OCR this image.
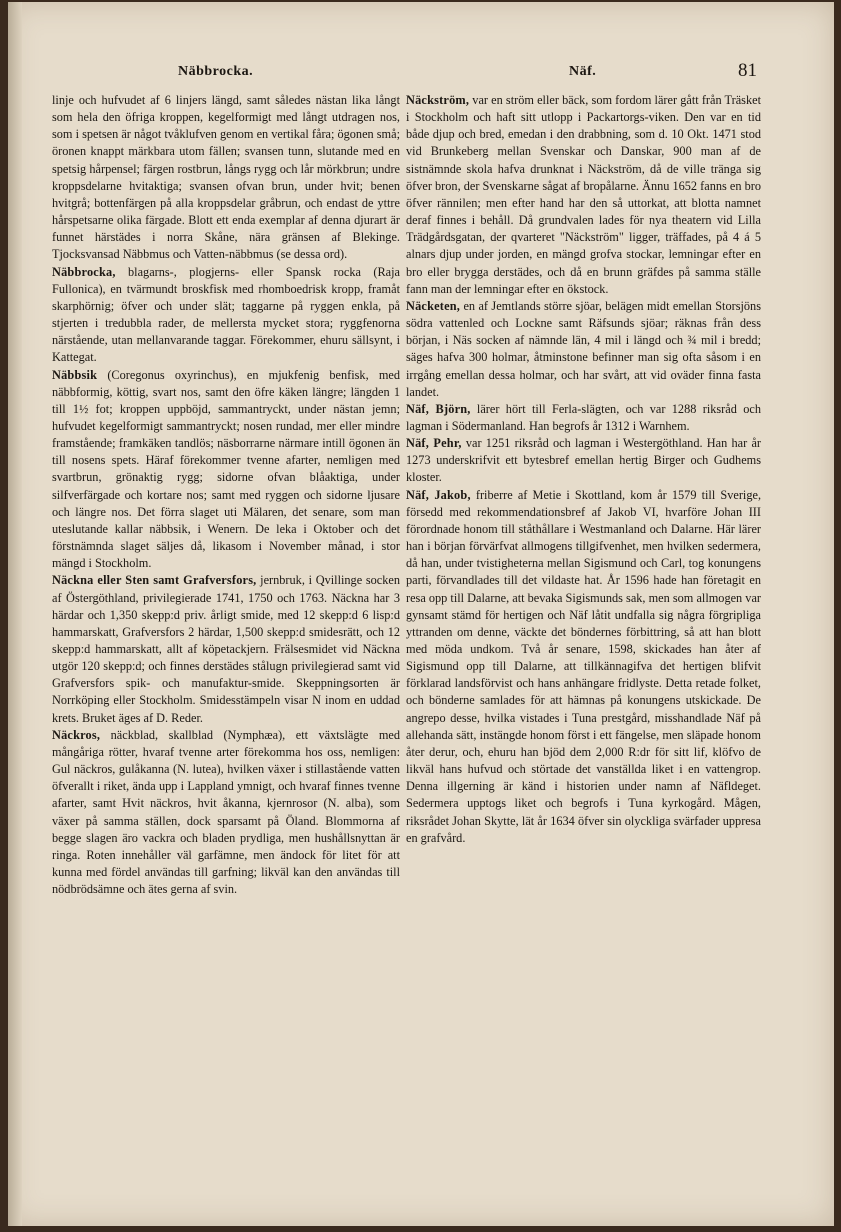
Näbbrocka.	Näf.	81

linje och hufvudet af 6 linjers längd, samt således nästan lika långt som hela den öfriga kroppen, kegelformigt med långt utdragen nos, som i spetsen är något tvåklufven genom en vertikal fåra; ögonen små; öronen knappt märkbara utom fällen; svansen tunn, slutande med en spetsig hårpensel; färgen rostbrun, långs rygg och lår mörkbrun; undre kroppsdelarne hvitaktiga; svansen ofvan brun, under hvit; benen hvitgrå; bottenfärgen på alla kroppsdelar gråbrun, och endast de yttre hårspetsarne olika färgade. Blott ett enda exemplar af denna djurart är funnet härstädes i norra Skåne, nära gränsen af Blekinge. Tjocksvansad Näbbmus och Vatten-näbbmus (se dessa ord).

Näbbrocka, blagarns-, plogjerns- eller Spansk rocka (Raja Fullonica), en tvärmundt broskfisk med rhomboedrisk kropp, framåt skarphörnig; öfver och under slät; taggarne på ryggen enkla, på stjerten i tredubbla rader, de mellersta mycket stora; ryggfenorna närstående, utan mellanvarande taggar. Förekommer, ehuru sällsynt, i Kattegat.

Näbbsik (Coregonus oxyrinchus), en mjukfenig benfisk, med näbbformig, köttig, svart nos, samt den öfre käken längre; längden 1 till 1½ fot; kroppen uppböjd, sammantryckt, under nästan jemn; hufvudet kegelformigt sammantryckt; nosen rundad, mer eller mindre framstående; framkäken tandlös; näsborrarne närmare intill ögonen än till nosens spets. Häraf förekommer tvenne afarter, nemligen med svartbrun, grönaktig rygg; sidorne ofvan blåaktiga, under silfverfärgade och kortare nos; samt med ryggen och sidorne ljusare och längre nos. Det förra slaget uti Mälaren, det senare, som man uteslutande kallar näbbsik, i Wenern. De leka i Oktober och det förstnämnda slaget säljes då, likasom i November månad, i stor mängd i Stockholm.

Näckna eller Sten samt Grafversfors, jernbruk, i Qvillinge socken af Östergöthland, privilegierade 1741, 1750 och 1763. Näckna har 3 härdar och 1,350 skepp:d priv. årligt smide, med 12 skepp:d 6 lisp:d hammarskatt, Grafversfors 2 härdar, 1,500 skepp:d smidesrätt, och 12 skepp:d hammarskatt, allt af köpetackjern. Frälsesmidet vid Näckna utgör 120 skepp:d; och finnes derstädes stålugn privilegierad samt vid Grafversfors spik- och manufaktur-smide. Skeppningsorten är Norrköping eller Stockholm. Smidesstämpeln visar N inom en uddad krets. Bruket äges af D. Reder.

Näckros, näckblad, skallblad (Nymphæa), ett växtslägte med mångåriga rötter, hvaraf tvenne arter förekomma hos oss, nemligen: Gul näckros, gulåkanna (N. lutea), hvilken växer i stillastående vatten öfverallt i riket, ända upp i Lappland ymnigt, och hvaraf finnes tvenne afarter, samt Hvit näckros, hvit åkanna, kjernrosor (N. alba), som växer på samma ställen, dock sparsamt på Öland. Blommorna af begge slagen äro vackra och bladen prydliga, men hushållsnyttan är ringa. Roten innehåller väl garfämne, men ändock för litet för att kunna med fördel användas till garfning; likväl kan den användas till nödbrödsämne och ätes gerna af svin.

Näckström, var en ström eller bäck, som fordom lärer gått från Träsket i Stockholm och haft sitt utlopp i Packartorgs-viken. Den var en tid både djup och bred, emedan i den drabbning, som d. 10 Okt. 1471 stod vid Brunkeberg mellan Svenskar och Danskar, 900 man af de sistnämnde skola hafva drunknat i Näckström, då de ville tränga sig öfver bron, der Svenskarne sågat af bropålarne. Ännu 1652 fanns en bro öfver rännilen; men efter hand har den så uttorkat, att blotta namnet deraf finnes i behåll. Då grundvalen lades för nya theatern vid Lilla Trädgårdsgatan, der qvarteret "Näckström" ligger, träffades, på 4 á 5 alnars djup under jorden, en mängd grofva stockar, lemningar efter en bro eller brygga derstädes, och då en brunn gräfdes på samma ställe fann man der lemningar efter en ökstock.

Näcketen, en af Jemtlands större sjöar, belägen midt emellan Storsjöns södra vattenled och Lockne samt Räfsunds sjöar; räknas från dess början, i Näs socken af nämnde län, 4 mil i längd och ¾ mil i bredd; säges hafva 300 holmar, åtminstone befinner man sig ofta såsom i en irrgång emellan dessa holmar, och har svårt, att vid oväder finna fasta landet.

Näf, Björn, lärer hört till Ferla-slägten, och var 1288 riksråd och lagman i Södermanland. Han begrofs år 1312 i Warnhem.

Näf, Pehr, var 1251 riksråd och lagman i Westergöthland. Han har år 1273 underskrifvit ett bytesbref emellan hertig Birger och Gudhems kloster.

Näf, Jakob, friberre af Metie i Skottland, kom år 1579 till Sverige, försedd med rekommendationsbref af Jakob VI, hvarföre Johan III förordnade honom till ståthållare i Westmanland och Dalarne. Här lärer han i början förvärfvat allmogens tillgifvenhet, men hvilken sedermera, då han, under tvistigheterna mellan Sigismund och Carl, tog konungens parti, förvandlades till det vildaste hat. År 1596 hade han företagit en resa opp till Dalarne, att bevaka Sigismunds sak, men som allmogen var gynsamt stämd för hertigen och Näf låtit undfalla sig några förgripliga yttranden om denne, väckte det böndernes förbittring, så att han blott med möda undkom. Två år senare, 1598, skickades han åter af Sigismund opp till Dalarne, att tillkännagifva det hertigen blifvit förklarad landsförvist och hans anhängare fridlyste. Detta retade folket, och bönderne samlades för att hämnas på konungens utskickade. De angrepo desse, hvilka vistades i Tuna prestgård, misshandlade Näf på allehanda sätt, instängde honom först i ett fängelse, men släpade honom åter derur, och, ehuru han bjöd dem 2,000 R:dr för sitt lif, klöfvo de likväl hans hufvud och störtade det vanställda liket i en vattengrop. Denna illgerning är känd i historien under namn af Näfldeget. Sedermera upptogs liket och begrofs i Tuna kyrkogård. Mågen, riksrådet Johan Skytte, lät år 1634 öfver sin olyckliga svärfader uppresa en grafvård.
